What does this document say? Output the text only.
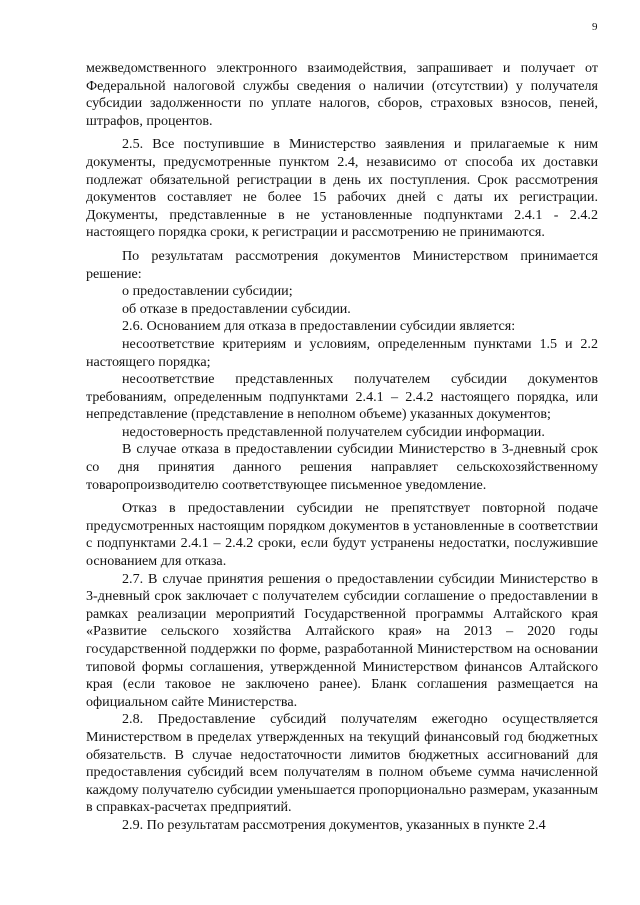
9

межведомственного электронного взаимодействия, запрашивает и получает от Федеральной налоговой службы сведения о наличии (отсутствии) у получателя субсидии задолженности по уплате налогов, сборов, страховых взносов, пеней, штрафов, процентов.

2.5. Все поступившие в Министерство заявления и прилагаемые к ним документы, предусмотренные пунктом 2.4, независимо от способа их доставки подлежат обязательной регистрации в день их поступления. Срок рассмотрения документов составляет не более 15 рабочих дней с даты их регистрации. Документы, представленные в не установленные подпунктами 2.4.1 - 2.4.2 настоящего порядка сроки, к регистрации и рассмотрению не принимаются.

По результатам рассмотрения документов Министерством принимается решение:

о предоставлении субсидии;

об отказе в предоставлении субсидии.

2.6. Основанием для отказа в предоставлении субсидии является:

несоответствие критериям и условиям, определенным пунктами 1.5 и 2.2 настоящего порядка;

несоответствие представленных получателем субсидии документов требованиям, определенным подпунктами 2.4.1 – 2.4.2 настоящего порядка, или непредставление (представление в неполном объеме) указанных документов;

недостоверность представленной получателем субсидии информации.

В случае отказа в предоставлении субсидии Министерство в 3-дневный срок со дня принятия данного решения направляет сельскохозяйственному товаропроизводителю соответствующее письменное уведомление.

Отказ в предоставлении субсидии не препятствует повторной подаче предусмотренных настоящим порядком документов в установленные в соответствии с подпунктами 2.4.1 – 2.4.2 сроки, если будут устранены недостатки, послужившие основанием для отказа.

2.7. В случае принятия решения о предоставлении субсидии Министерство в 3-дневный срок заключает с получателем субсидии соглашение о предоставлении в рамках реализации мероприятий Государственной программы Алтайского края «Развитие сельского хозяйства Алтайского края» на 2013 – 2020 годы государственной поддержки по форме, разработанной Министерством на основании типовой формы соглашения, утвержденной Министерством финансов Алтайского края (если таковое не заключено ранее). Бланк соглашения размещается на официальном сайте Министерства.

2.8. Предоставление субсидий получателям ежегодно осуществляется Министерством в пределах утвержденных на текущий финансовый год бюджетных обязательств. В случае недостаточности лимитов бюджетных ассигнований для предоставления субсидий всем получателям в полном объеме сумма начисленной каждому получателю субсидии уменьшается пропорционально размерам, указанным в справках-расчетах предприятий.

2.9. По результатам рассмотрения документов, указанных в пункте 2.4
